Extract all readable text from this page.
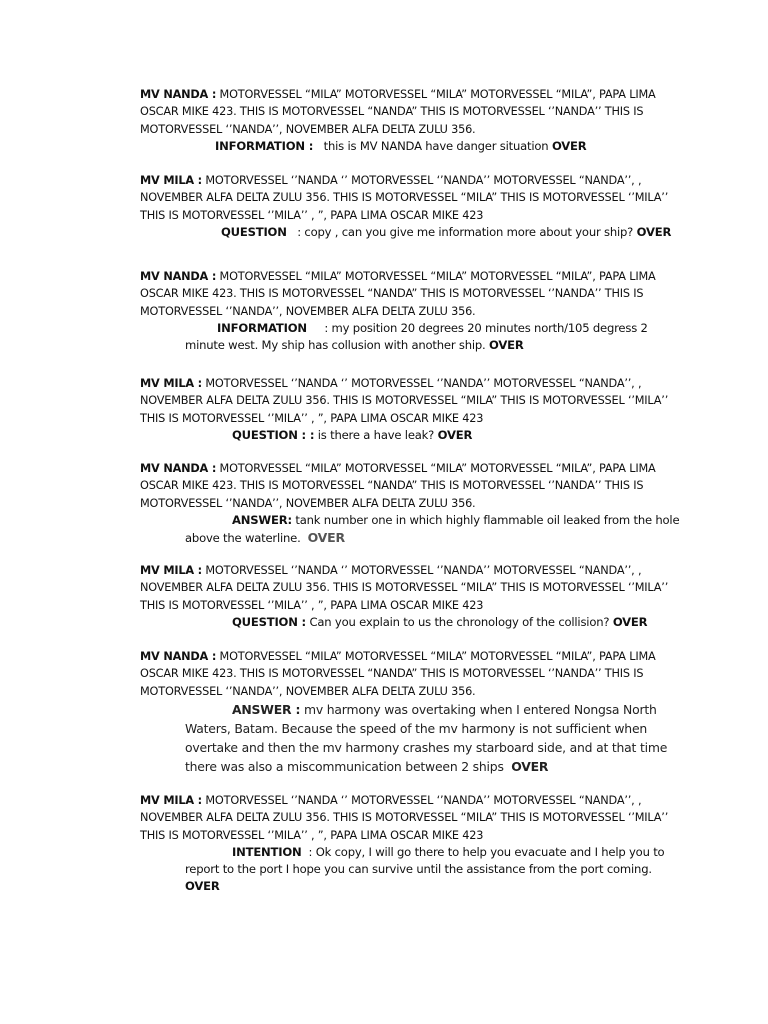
MV NANDA : MOTORVESSEL “MILA” MOTORVESSEL “MILA” MOTORVESSEL “MILA”, PAPA LIMA OSCAR MIKE 423. THIS IS MOTORVESSEL “NANDA” THIS IS MOTORVESSEL ‘’NANDA’’ THIS IS MOTORVESSEL ‘’NANDA’’, NOVEMBER ALFA DELTA ZULU 356.

INFORMATION : this is MV NANDA have danger situation OVER

MV MILA : MOTORVESSEL ‘’NANDA ‘’ MOTORVESSEL ‘’NANDA’’ MOTORVESSEL “NANDA’’, , NOVEMBER ALFA DELTA ZULU 356. THIS IS MOTORVESSEL “MILA” THIS IS MOTORVESSEL ‘’MILA’’ THIS IS MOTORVESSEL ‘’MILA’’ , ”, PAPA LIMA OSCAR MIKE 423

QUESTION : copy , can you give me information more about your ship? OVER

MV NANDA : MOTORVESSEL “MILA” MOTORVESSEL “MILA” MOTORVESSEL “MILA”, PAPA LIMA OSCAR MIKE 423. THIS IS MOTORVESSEL “NANDA” THIS IS MOTORVESSEL ‘’NANDA’’ THIS IS MOTORVESSEL ‘’NANDA’’, NOVEMBER ALFA DELTA ZULU 356.

INFORMATION : my position 20 degrees 20 minutes north/105 degress 2 minute west. My ship has collusion with another ship. OVER

MV MILA : MOTORVESSEL ‘’NANDA ‘’ MOTORVESSEL ‘’NANDA’’ MOTORVESSEL “NANDA’’, , NOVEMBER ALFA DELTA ZULU 356. THIS IS MOTORVESSEL “MILA” THIS IS MOTORVESSEL ‘’MILA’’ THIS IS MOTORVESSEL ‘’MILA’’ , ”, PAPA LIMA OSCAR MIKE 423

QUESTION : : is there a have leak? OVER

MV NANDA : MOTORVESSEL “MILA” MOTORVESSEL “MILA” MOTORVESSEL “MILA”, PAPA LIMA OSCAR MIKE 423. THIS IS MOTORVESSEL “NANDA” THIS IS MOTORVESSEL ‘’NANDA’’ THIS IS MOTORVESSEL ‘’NANDA’’, NOVEMBER ALFA DELTA ZULU 356.

ANSWER: tank number one in which highly flammable oil leaked from the hole above the waterline. OVER

MV MILA : MOTORVESSEL ‘’NANDA ‘’ MOTORVESSEL ‘’NANDA’’ MOTORVESSEL “NANDA’’, , NOVEMBER ALFA DELTA ZULU 356. THIS IS MOTORVESSEL “MILA” THIS IS MOTORVESSEL ‘’MILA’’ THIS IS MOTORVESSEL ‘’MILA’’ , ”, PAPA LIMA OSCAR MIKE 423

QUESTION : Can you explain to us the chronology of the collision? OVER

MV NANDA : MOTORVESSEL “MILA” MOTORVESSEL “MILA” MOTORVESSEL “MILA”, PAPA LIMA OSCAR MIKE 423. THIS IS MOTORVESSEL “NANDA” THIS IS MOTORVESSEL ‘’NANDA’’ THIS IS MOTORVESSEL ‘’NANDA’’, NOVEMBER ALFA DELTA ZULU 356.

ANSWER : mv harmony was overtaking when I entered Nongsa North Waters, Batam. Because the speed of the mv harmony is not sufficient when overtake and then the mv harmony crashes my starboard side, and at that time there was also a miscommunication between 2 ships OVER

MV MILA : MOTORVESSEL ‘’NANDA ‘’ MOTORVESSEL ‘’NANDA’’ MOTORVESSEL “NANDA’’, , NOVEMBER ALFA DELTA ZULU 356. THIS IS MOTORVESSEL “MILA” THIS IS MOTORVESSEL ‘’MILA’’ THIS IS MOTORVESSEL ‘’MILA’’ , ”, PAPA LIMA OSCAR MIKE 423

INTENTION : Ok copy, I will go there to help you evacuate and I help you to report to the port I hope you can survive until the assistance from the port coming. OVER
